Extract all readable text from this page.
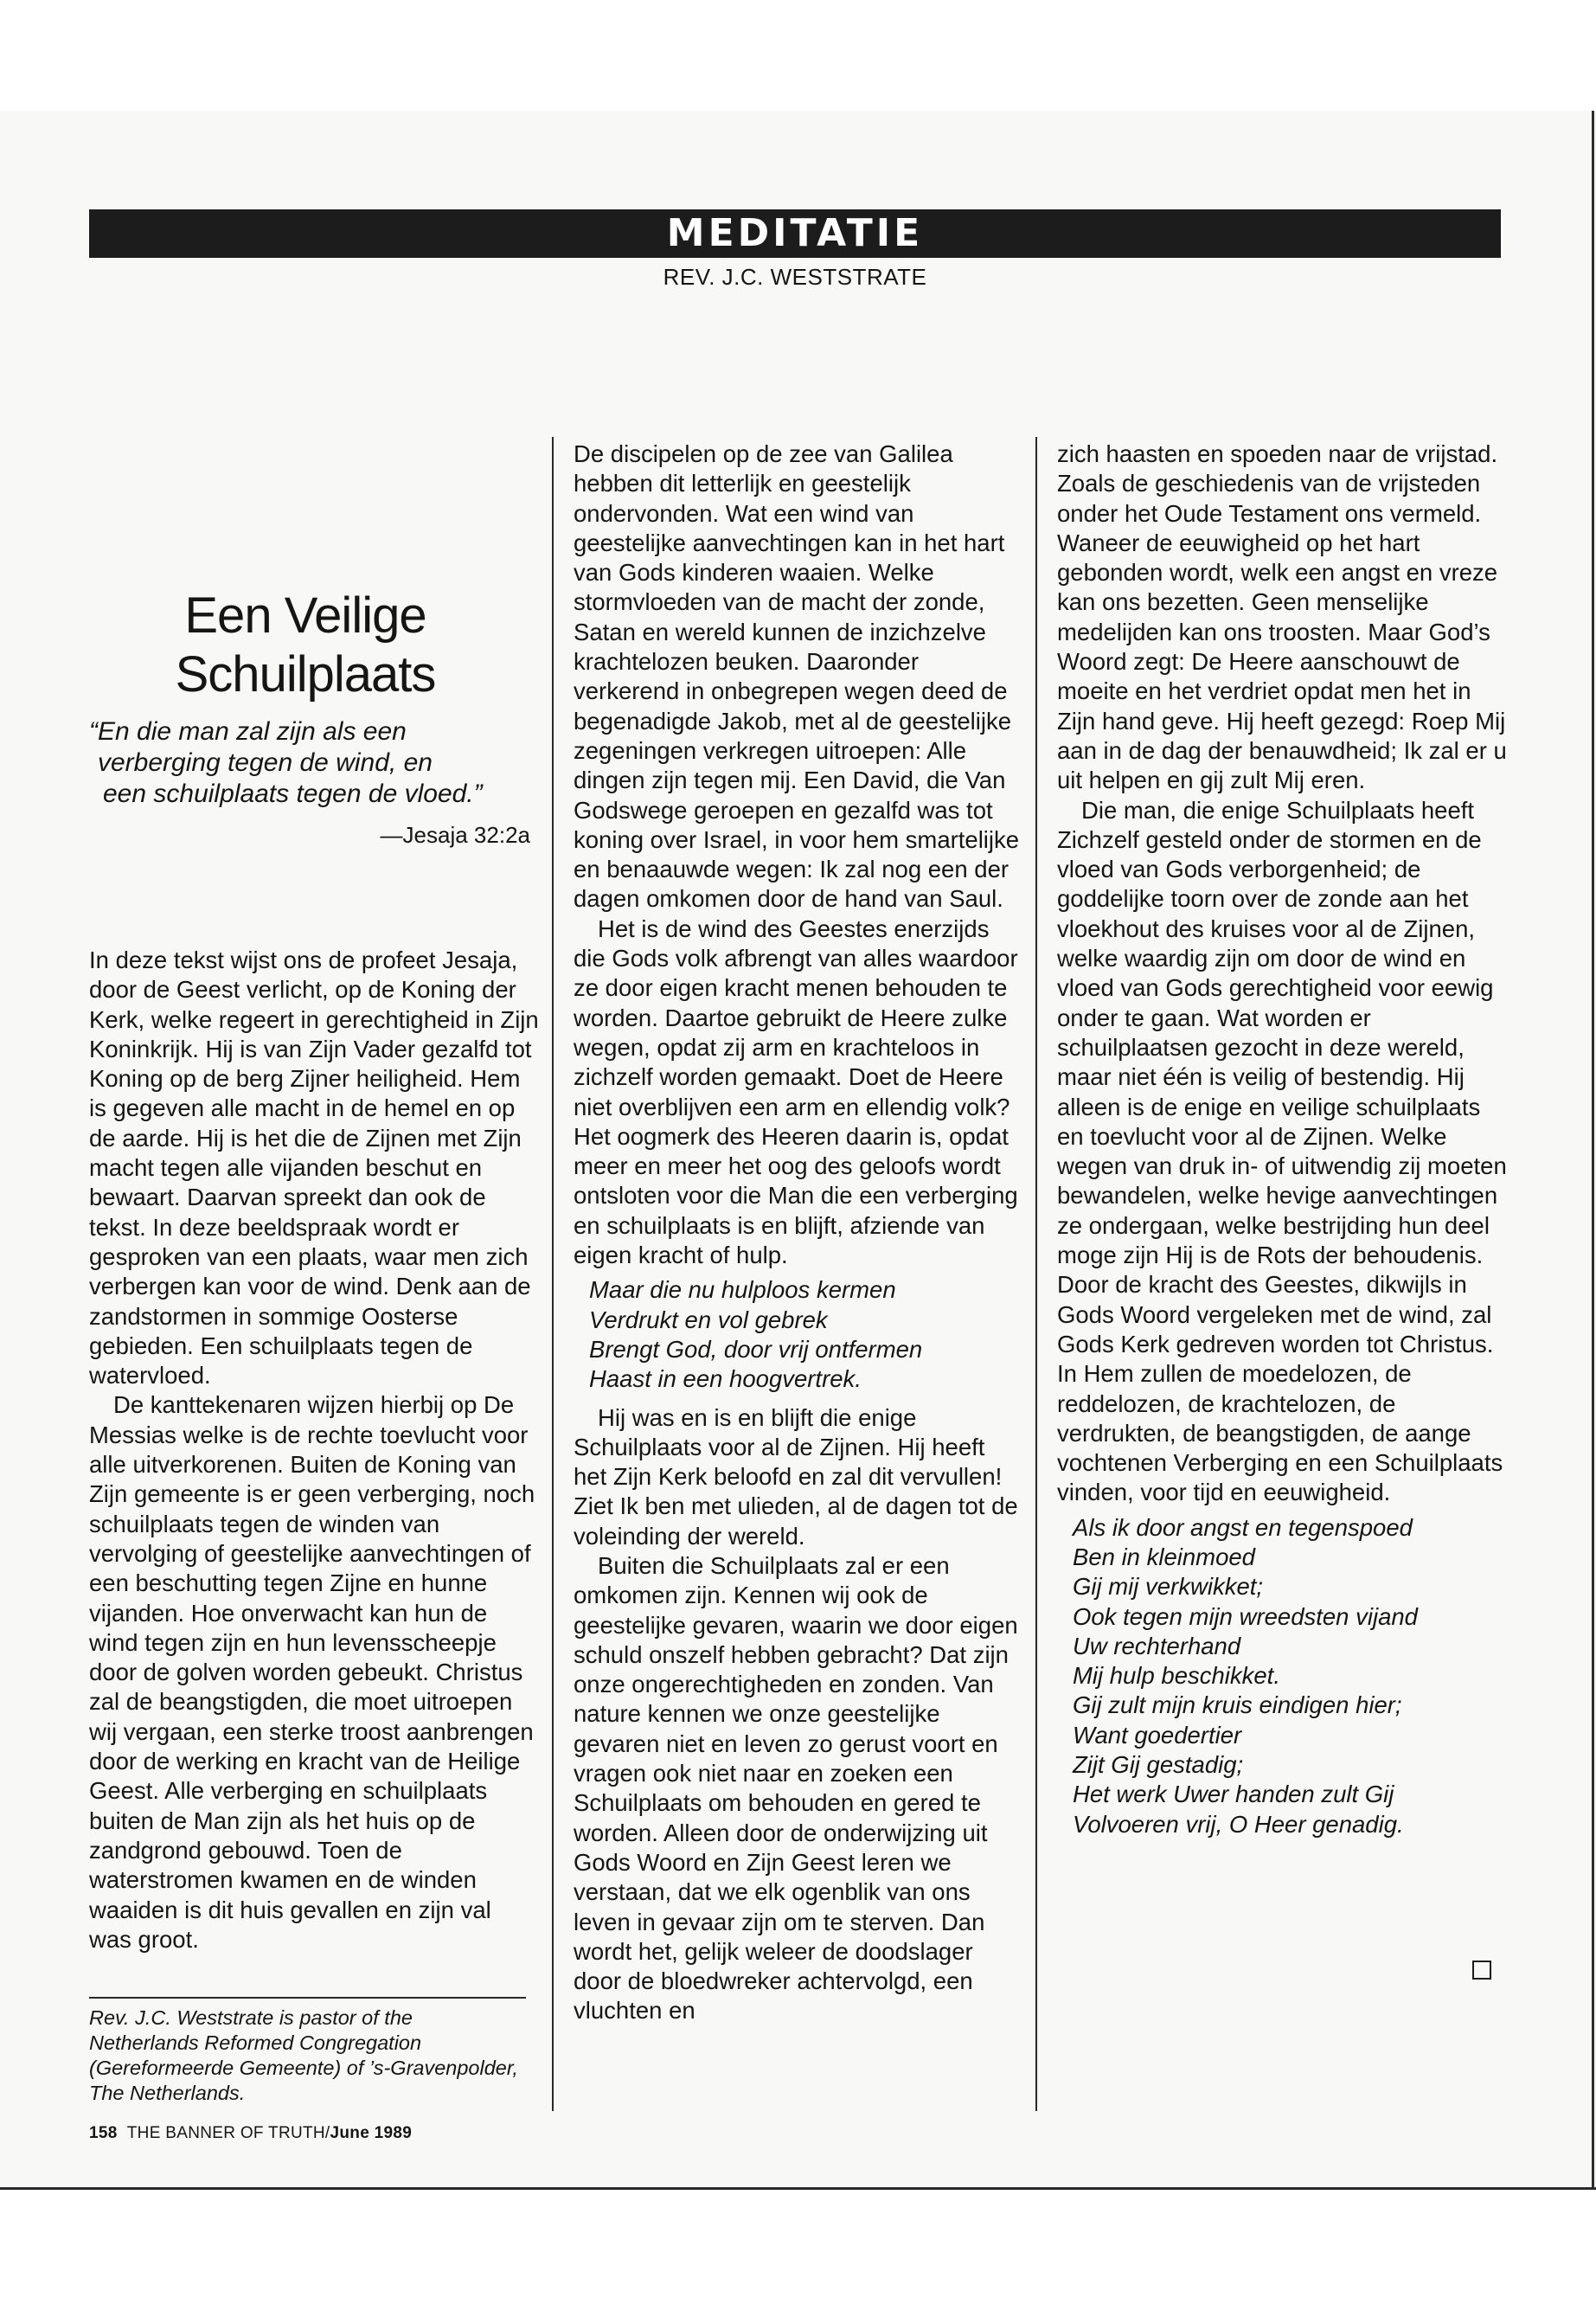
MEDITATIE
REV. J.C. WESTSTRATE
Een Veilige
Schuilplaats
“En die man zal zijn als een
verberging tegen de wind, en
een schuilplaats tegen de vloed.”
—Jesaja 32:2a

In deze tekst wijst ons de profeet Jesaja, door de Geest verlicht, op de Koning der Kerk, welke regeert in gerechtigheid in Zijn Koninkrijk. Hij is van Zijn Vader gezalfd tot Koning op de berg Zijner heiligheid. Hem is gegeven alle macht in de hemel en op de aarde. Hij is het die de Zijnen met Zijn macht tegen alle vijanden beschut en bewaart. Daarvan spreekt dan ook de tekst. In deze beeldspraak wordt er gesproken van een plaats, waar men zich verbergen kan voor de wind. Denk aan de zandstormen in sommige Oosterse gebieden. Een schuilplaats tegen de watervloed.

De kanttekenaren wijzen hierbij op De Messias welke is de rechte toevlucht voor alle uitverkorenen. Buiten de Koning van Zijn gemeente is er geen verberging, noch schuilplaats tegen de winden van vervolging of geestelijke aanvechtingen of een beschutting tegen Zijne en hunne vijanden. Hoe onverwacht kan hun de wind tegen zijn en hun levensscheepje door de golven worden gebeukt. Christus zal de beangstigden, die moet uitroepen wij vergaan, een sterke troost aanbrengen door de werking en kracht van de Heilige Geest. Alle verberging en schuilplaats buiten de Man zijn als het huis op de zandgrond gebouwd. Toen de waterstromen kwamen en de winden waaiden is dit huis gevallen en zijn val was groot.

De discipelen op de zee van Galilea hebben dit letterlijk en geestelijk ondervonden. Wat een wind van geestelijke aanvechtingen kan in het hart van Gods kinderen waaien. Welke stormvloeden van de macht der zonde, Satan en wereld kunnen de inzichzelve krachtelozen beuken. Daaronder verkerend in onbegrepen wegen deed de begenadigde Jakob, met al de geestelijke zegeningen verkregen uitroepen: Alle dingen zijn tegen mij. Een David, die Van Godswege geroepen en gezalfd was tot koning over Israel, in voor hem smartelijke en benaauwde wegen: Ik zal nog een der dagen omkomen door de hand van Saul.

Het is de wind des Geestes enerzijds die Gods volk afbrengt van alles waardoor ze door eigen kracht menen behouden te worden. Daartoe gebruikt de Heere zulke wegen, opdat zij arm en krachteloos in zichzelf worden gemaakt. Doet de Heere niet overblijven een arm en ellendig volk? Het oogmerk des Heeren daarin is, opdat meer en meer het oog des geloofs wordt ontsloten voor die Man die een verberging en schuilplaats is en blijft, afziende van eigen kracht of hulp.

Maar die nu hulploos kermen
Verdrukt en vol gebrek
Brengt God, door vrij ontfermen
Haast in een hoogvertrek.

Hij was en is en blijft die enige Schuilplaats voor al de Zijnen. Hij heeft het Zijn Kerk beloofd en zal dit vervullen! Ziet Ik ben met ulieden, al de dagen tot de voleinding der wereld.

Buiten die Schuilplaats zal er een omkomen zijn. Kennen wij ook de geestelijke gevaren, waarin we door eigen schuld onszelf hebben gebracht? Dat zijn onze ongerechtigheden en zonden. Van nature kennen we onze geestelijke gevaren niet en leven zo gerust voort en vragen ook niet naar en zoeken een Schuilplaats om behouden en gered te worden. Alleen door de onderwijzing uit Gods Woord en Zijn Geest leren we verstaan, dat we elk ogenblik van ons leven in gevaar zijn om te sterven. Dan wordt het, gelijk weleer de doodslager door de bloedwreker achtervolgd, een vluchten en

zich haasten en spoeden naar de vrijstad. Zoals de geschiedenis van de vrijsteden onder het Oude Testament ons vermeld. Waneer de eeuwigheid op het hart gebonden wordt, welk een angst en vreze kan ons bezetten. Geen menselijke medelijden kan ons troosten. Maar God’s Woord zegt: De Heere aanschouwt de moeite en het verdriet opdat men het in Zijn hand geve. Hij heeft gezegd: Roep Mij aan in de dag der benauwdheid; Ik zal er u uit helpen en gij zult Mij eren.

Die man, die enige Schuilplaats heeft Zichzelf gesteld onder de stormen en de vloed van Gods verborgenheid; de goddelijke toorn over de zonde aan het vloekhout des kruises voor al de Zijnen, welke waardig zijn om door de wind en vloed van Gods gerechtigheid voor eewig onder te gaan. Wat worden er schuilplaatsen gezocht in deze wereld, maar niet één is veilig of bestendig. Hij alleen is de enige en veilige schuilplaats en toevlucht voor al de Zijnen. Welke wegen van druk in- of uitwendig zij moeten bewandelen, welke hevige aanvechtingen ze ondergaan, welke bestrijding hun deel moge zijn Hij is de Rots der behoudenis. Door de kracht des Geestes, dikwijls in Gods Woord vergeleken met de wind, zal Gods Kerk gedreven worden tot Christus. In Hem zullen de moedelozen, de reddelozen, de krachtelozen, de verdrukten, de beangstigden, de aange vochtenen Verberging en een Schuilplaats vinden, voor tijd en eeuwigheid.

Als ik door angst en tegenspoed
Ben in kleinmoed
Gij mij verkwikket;
Ook tegen mijn wreedsten vijand
Uw rechterhand
Mij hulp beschikket.
Gij zult mijn kruis eindigen hier;
Want goedertier
Zijt Gij gestadig;
Het werk Uwer handen zult Gij
Volvoeren vrij, O Heer genadig.
Rev. J.C. Weststrate is pastor of the Netherlands Reformed Congregation (Gereformeerde Gemeente) of ’s-Gravenpolder, The Netherlands.
158 THE BANNER OF TRUTH/June 1989
